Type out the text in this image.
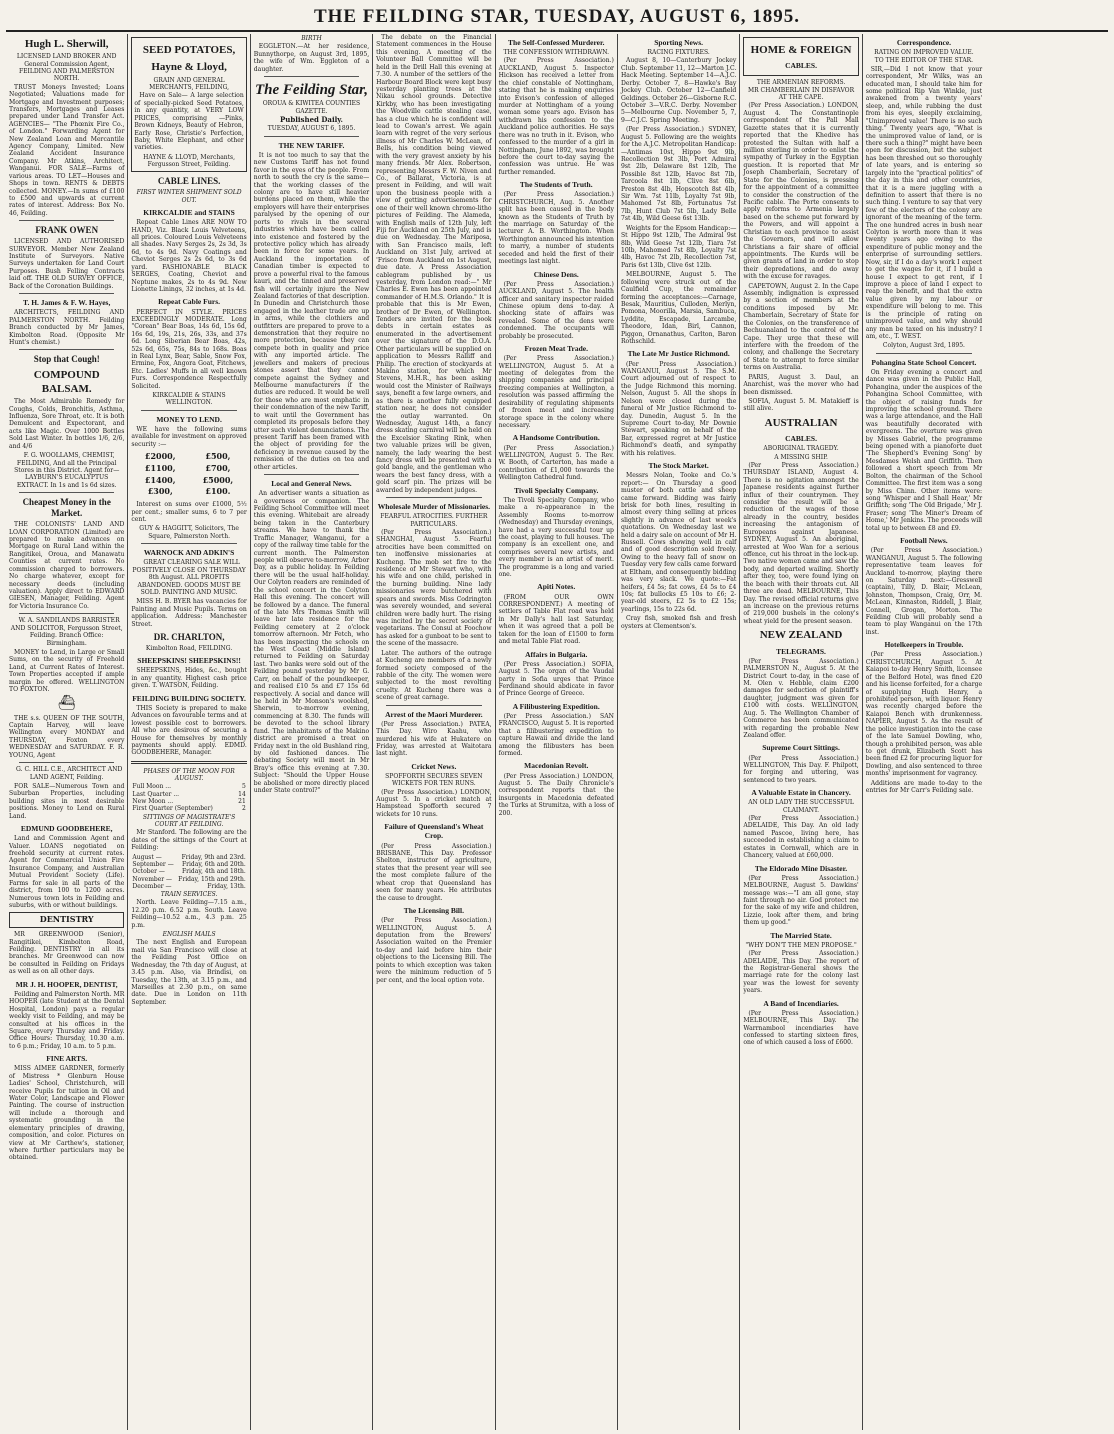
THE FEILDING STAR, TUESDAY, AUGUST 6, 1895.
Hugh L. Sherwill,
LICENSED LAND BROKER AND General Commission Agent, FEILDING AND PALMERSTON NORTH.

TRUST Moneys Invested; Loans Negotiated; Valuations made for Mortgage and Investment purposes; Transfers, Mortgages and Leases prepared under Land Transfer Act. AGENCIES— "The Phœnix Fire Co., of London." Forwarding Agent for New Zealand Loan and Mercantile Agency Company, Limited. New Zealand Accident Insurance Company. Mr Atkins, Architect, Wanganui. FOR SALE—Farms of various areas. TO LET—Houses and Shops in town. RENTS & DEBTS collected. MONEY.—In sums of £100 to £500 and upwards at current rates of interest. Address: Box No. 46, Feilding.

FRANK OWEN

LICENSED AND AUTHORISED SURVEYOR. Member New Zealand Institute of Surveyors. Native Surveys undertaken for Land Court Purposes. Bush Felling Contracts laid off. THE OLD SURVEY OFFICE, Back of the Coronation Buildings.

T. H. James & F. W. Hayes,

ARCHITECTS, FEILDING AND PALMERSTON NORTH. Feilding Branch conducted by Mr James, Kimbolton Road. (Opposite Mr Hunt's chemist.)

Stop that Cough!
COMPOUND BALSAM.

The Most Admirable Remedy for Coughs, Colds, Bronchitis, Asthma, Influenza, Sore Throat, etc. It is both Demulcent and Expectorant, and acts like Magic. Over 1000 Bottles Sold Last Winter. In bottles 1/6, 2/6, and 4/6

F. G. WOOLLAMS, CHEMIST, FEILDING, And all the Principal Stores in this District. Agent for— LAYBURN'S EUCALYPTUS EXTRACT. In 1s and 1s 6d sizes.

Cheapest Money in the Market.

THE COLONISTS' LAND AND LOAN CORPORATION (Limited) are prepared to make advances on Mortgage on Rural Land within the Rangitikei, Oroua, and Manawatu Counties at current rates. No commission charged to borrowers. No charge whatever, except for necessary deeds (including valuation). Apply direct to EDWARD GIESEN, Manager, Feilding. Agent for Victoria Insurance Co.

W. A. SANDILANDS BARRISTER AND SOLICITOR, Fergusson Street, Feilding. Branch Office: Birmingham.

MONEY to Lend, in Large or Small Sums, on the security of Freehold Land, at Current Rates of Interest. Town Properties accepted if ample margin be offered. WELLINGTON TO FOXTON.

⛴

THE s.s. QUEEN OF THE SOUTH, Captain Harvey, will leave Wellington every MONDAY and THURSDAY, Foxton every WEDNESDAY and SATURDAY. F. R. YOUNG, Agent

G. C. HILL C.E., ARCHITECT AND LAND AGENT, Feilding.

FOR SALE—Numerous Town and Suburban Properties, including building sites in most desirable positions. Money to Lend on Rural Land.

EDMUND GOODBEHERE,

Land and Commission Agent and Valuer. LOANS negotiated on freehold security at current rates. Agent for Commercial Union Fire Insurance Company, and Australian Mutual Provident Society (Life). Farms for sale in all parts of the district, from 100 to 1200 acres. Numerous town lots in Feilding and suburbs, with or without buildings.

DENTISTRY

MR GREENWOOD (Senior), Rangitikei, Kimbolton Road, Feilding. DENTISTRY in all its branches. Mr Greenwood can now be consulted in Feilding on Fridays as well as on all other days.

MR J. H. HOOPER, DENTIST,

Feilding and Palmerston North. MR HOOPER (late Student at the Dental Hospital, London) pays a regular weekly visit to Feilding, and may be consulted at his offices in the Square, every Thursday and Friday. Office Hours: Thursday, 10.30 a.m. to 6 p.m.; Friday, 10 a.m. to 5 p.m.

FINE ARTS.

MISS AIMEE GARDNER, formerly of Mistress * Glenburn House Ladies' School, Christchurch, will receive Pupils for tuition in Oil and Water Color, Landscape and Flower Painting. The course of instruction will include a thorough and systematic grounding in the elementary principles of drawing, composition, and color. Pictures on view at Mr Carthew's, stationer, where further particulars may be obtained.

SEED POTATOES,
Hayne & Lloyd,
GRAIN AND GENERAL MERCHANTS, FEILDING,

Have on Sale— A large selection of specially-picked Seed Potatoes, in any quantity, at VERY LOW PRICES, comprising —Pinks, Brown Kidneys, Beauty of Hebron, Early Rose, Christie's Perfection, Baby, White Elephant, and other varieties.

HAYNE & LLOYD, Merchants, Fergusson Street, Feilding.
CABLE LINES.
FIRST WINTER SHIPMENT SOLD OUT.
KIRKCALDIE and STAINS

Repeat Cable Lines ARE NOW TO HAND, Viz. Black Louis Velveteens, all prices. Coloured Louis Velveteens all shades. Navy Serges 2s, 2s 3d, 3s 6d, to 4s 9d. Navy Coatings and Cheviot Serges 2s 2s 6d, to 3s 6d yard. FASHIONABLE BLACK SERGES, Coating, Cheviot and Neptune makes, 2s to 4s 9d. New Lionette Linings, 32 inches, at 1s 4d.

Repeat Cable Furs.

PERFECT IN STYLE. PRICES EXCEEDINGLY MODERATE. Long "Corean" Bear Boas, 14s 6d, 15s 6d, 16s 6d, 19s, 21s, 26s, 33s, and 37s 6d. Long Siberian Bear Boas, 42s, 52s 6d, 65s, 75s, 84s to 168s. Boas in Real Lynx, Bear, Sable, Snow Fox, Ermine, Fox, Angora Goat, Fitchews, Etc. Ladies' Muffs in all well known Furs. Correspondence Respectfully Solicited.

KIRKCALDIE & STAINS WELLINGTON.
MONEY TO LEND.

WE have the following sums available for investment on approved security :—

£2000,	£500,
£1100,	£700,
£1400,	£5000,
£300,	£100.

Interest on sums over £1000, 5½ per cent.; smaller sums, 6 to 7 per cent.

GUY & HAGGITT, Solicitors, The Square, Palmerston North.
WARNOCK AND ADKIN'S

GREAT CLEARING SALE WILL POSITIVELY CLOSE ON THURSDAY 8th August. ALL PROFITS ABANDONED. GOODS MUST BE SOLD. PAINTING AND MUSIC.

MISS H. B. BYER has vacancies for Painting and Music Pupils. Terms on application. Address: Manchester Street.

DR. CHARLTON,
Kimbolton Road, FEILDING.
SHEEPSKINS! SHEEPSKINS!!

SHEEPSKINS, Hides, &c., bought in any quantity. Highest cash price given. T. WATSON, Feilding.

FEILDING BUILDING SOCIETY.

THIS Society is prepared to make Advances on favourable terms and at lowest possible cost to borrowers. All who are desirous of securing a House for themselves by monthly payments should apply. EDMD. GOODBEHERE, Manager.

PHASES OF THE MOON FOR AUGUST.
Full Moon ...	5
Last Quarter ...	14
New Moon ...	21
First Quarter (September)	2
SITTINGS OF MAGISTRATE'S COURT AT FEILDING.

Mr Stanford. The following are the dates of the sittings of the Court at Feilding:

August —	Friday, 9th and 23rd.
September —	Friday, 6th and 20th.
October —	Friday, 4th and 18th.
November —	Friday, 15th and 29th.
December —	Friday, 13th.
TRAIN SERVICES.

North. Leave Feilding—7.15 a.m., 12.20 p.m. 6.52 p.m. South. Leave Feilding—10.52 a.m., 4.3 p.m. 25 p.m.

ENGLISH MAILS

The next English and European mail via San Francisco will close at the Feilding Post Office on Wednesday, the 7th day of August, at 3.45 p.m. Also, via Brindisi, on Tuesday, the 13th, at 3.15 p.m., and Marseilles at 2.30 p.m., on same date. Due in London on 11th September.

BIRTH

EGGLETON.—At her residence, Bunnythorpe, on August 3rd, 1895, the wife of Wm. Eggleton of a daughter.

The Feilding Star,
OROUA & KIWITEA COUNTIES GAZETTE.
Published Daily.
TUESDAY, AUGUST 6, 1895.
THE NEW TARIFF.

It is not too much to say that the new Customs Tariff has not found favor in the eyes of the people. From north to south the cry is the same—that the working classes of the colony are to have still heavier burdens placed on them, while the employers will have their enterprises paralysed by the opening of our ports to rivals in the several industries which have been called into existence and fostered by the protective policy which has already been in force for some years. In Auckland the importation of Canadian timber is expected to prove a powerful rival to the famous kauri, and the tinned and preserved fish will certainly injure the New Zealand factories of that description. In Dunedin and Christchurch those engaged in the leather trade are up in arms, while the clothiers and outfitters are prepared to prove to a demonstration that they require no more protection, because they can compete both in quality and price with any imported article. The jewellers and makers of precious stones assert that they cannot compete against the Sydney and Melbourne manufacturers if the duties are reduced. It would be well for those who are most emphatic in their condemnation of the new Tariff, to wait until the Government has completed its proposals before they utter such violent denunciations. The present Tariff has been framed with the object of providing for the deficiency in revenue caused by the remission of the duties on tea and other articles.

Local and General News.

An advertiser wants a situation as a governess or companion. The Feilding School Committee will meet this evening. Whitebait are already being taken in the Canterbury streams. We have to thank the Traffic Manager, Wanganui, for a copy of the railway time table for the current month. The Palmerston people will observe to-morrow, Arbor Day, as a public holiday. In Feilding there will be the usual half-holiday. Our Colyton readers are reminded of the school concert in the Colyton Hall this evening. The concert will be followed by a dance. The funeral of the late Mrs Thomas Smith will leave her late residence for the Feilding cemetery at 2 o'clock tomorrow afternoon. Mr Fetch, who has been inspecting the schools on the West Coast (Middle Island) returned to Feilding on Saturday last. Two banks were sold out of the Feilding pound yesterday by Mr G. Carr, on behalf of the poundkeeper, and realised £10 5s and £7 15s 6d respectively. A social and dance will be held in Mr Monson's woolshed, Sherwin, to-morrow evening, commencing at 8.30. The funds will be devoted to the school library fund. The inhabitants of the Makino district are promised a treat on Friday next in the old Bushland ring, by old fashioned dances. The debating Society will meet in Mr Bray's office this evening at 7.30. Subject: "Should the Upper House be abolished or more directly placed under State control?"

The debate on the Financial Statement commences in the House this evening. A meeting of the Volunteer Ball Committee will be held in the Drill Hall this evening at 7.30. A number of the settlers of the Harbour Board Block were kept busy yesterday planting trees at the Nikau school grounds. Detective Kirkby, who has been investigating the Woodville cattle stealing case, has a clue which he is confident will lead to Cowan's arrest. We again learn with regret of the very serious illness of Mr Charles W. McLean, of Bells, his condition being viewed with the very gravest anxiety by his many friends. Mr Alex. Robertson, representing Messrs F. W. Niven and Co., of Ballarat, Victoria, is at present in Feilding, and will wait upon the business people with a view of getting advertisements for one of their well known chromo-litho pictures of Feilding. The Alameda, with English mails of 12th July, left Fiji for Auckland on 25th July, and is due on Wednesday. The Mariposa, with San Francisco mails, left Auckland on 31st July, arrived at 'Frisco from Auckland on 1st August, due date. A Press Association cablegram published by us yesterday, from London read:—" Mr Charles E. Ewen has been appointed commander of H.M.S. Orlando." It is probable that this is Mr Ewen, brother of Dr Ewen, of Wellington. Tenders are invited for the book debts in certain estates as enumerated in the advertisement over the signature of the D.O.A. Other particulars will be supplied on application to Messrs Ralliff and Philip. The erection of stockyards at Makino station, for which Mr Stevens, M.H.R., has been asking would cost the Minister of Railways says, benefit a few large owners, and as there is another fully equipped station near, he does not consider the outlay warranted. On Wednesday, August 14th, a fancy dress skating carnival will be held on the Excelsior Skating Rink, when two valuable prizes will be given, namely, the lady wearing the best fancy dress will be presented with a gold bangle, and the gentleman who wears the best fancy dress, with a gold scarf pin. The prizes will be awarded by independent judges.

Wholesale Murder of Missionaries.
FEARFUL ATROCITIES. FURTHER PARTICULARS.

(Per Press Association.) SHANGHAI, August 5. Fearful atrocities have been committed on ten inoffensive missionaries at Kucheng. The mob set fire to the residence of Mr Stewart who, with his wife and one child, perished in the burning building. Nine lady missionaries were butchered with spears and swords. Miss Codrington was severely wounded, and several children were badly hurt. The rising was incited by the secret society of vegetarians. The Consul at Foochow has asked for a gunboat to be sent to the scene of the massacre.

Later. The authors of the outrage at Kucheng are members of a newly formed society composed of the rabble of the city. The women were subjected to the most revolting cruelty. At Kucheng there was a scene of great carnage.

Arrest of the Maori Murderer.

(Per Press Association.) PATEA, This Day. Wiro Kaahu, who murdered his wife at Hukatere on Friday, was arrested at Waitotara last night.

Cricket News.
SPOFFORTH SECURES SEVEN WICKETS FOR TEN RUNS.

(Per Press Association.) LONDON, August 5. In a cricket match at Hampstead Spofforth secured 7 wickets for 10 runs.

Failure of Queensland's Wheat Crop.

(Per Press Association.) BRISBANE, This Day. Professor Shelton, instructor of agriculture, states that the present year will see the most complete failure of the wheat crop that Queensland has seen for many years. He attributes the cause to drought.

The Licensing Bill.

(Per Press Association.) WELLINGTON, August 5. A deputation from the Brewers' Association waited on the Premier to-day and laid before him their objections to the Licensing Bill. The points to which exception was taken were the minimum reduction of 5 per cent, and the local option vote.

The Self-Confessed Murderer.
THE CONFESSION WITHDRAWN.

(Per Press Association.) AUCKLAND, August 5. Inspector Hickson has received a letter from the chief constable of Nottingham, stating that he is making enquiries into Evison's confession of alleged murder at Nottingham of a young woman some years ago. Evison has withdrawn his confession to the Auckland police authorities. He says there was no truth in it. Evison, who confessed to the murder of a girl in Nottingham, June 1892, was brought before the court to-day saying the confession was untrue. He was further remanded.

The Students of Truth.

(Per Press Association.) CHRISTCHURCH, Aug. 5. Another split has been caused in the body known as the Students of Truth by the marriage on Saturday of the lecturer A. B. Worthington. When Worthington announced his intention to marry, a number of students seceded and held the first of their meetings last night.

Chinese Dens.

(Per Press Association.) AUCKLAND, August 5. The health officer and sanitary inspector raided Chinese opium dens to-day. A shocking state of affairs was revealed. Some of the dens were condemned. The occupants will probably be prosecuted.

Frozen Meat Trade.

(Per Press Association.) WELLINGTON, August 5. At a meeting of delegates from the shipping companies and principal freezing companies at Wellington, a resolution was passed affirming the desirability of regulating shipments of frozen meat and increasing storage space in the colony where necessary.

A Handsome Contribution.

(Per Press Association.) WELLINGTON, August 5. The Rev. W. Booth, of Carterton, has made a contribution of £1,000 towards the Wellington Cathedral fund.

Tivoli Specialty Company.

The Tivoli Specialty Company, who make a re-appearance in the Assembly Rooms to-morrow (Wednesday) and Thursday evenings, have had a very successful tour up the coast, playing to full houses. The company is an excellent one, and comprises several new artists, and every member is an artist of merit. The programme is a long and varied one.

Apiti Notes.

(FROM OUR OWN CORRESPONDENT.) A meeting of settlers of Table Flat road was held in Mr Dally's hall last Saturday, when it was agreed that a poll be taken for the loan of £1500 to form and metal Table Flat road.

Affairs in Bulgaria.

(Per Press Association.) SOFIA, August 5. The organ of the Vaudal party in Sofia urges that Prince Ferdinand should abdicate in favor of Prince George of Greece.

A Filibustering Expedition.

(Per Press Association.) SAN FRANCISCO, August 5. It is reported that a filibustering expedition to capture Hawaii and divide the land among the filibusters has been formed.

Macedonian Revolt.

(Per Press Association.) LONDON, August 5. The Daily Chronicle's correspondent reports that the insurgents in Macedonia defeated the Turks at Strumitza, with a loss of 200.

Sporting News.
RACING FIXTURES.

August 8, 10—Canterbury Jockey Club. September 11, 12—Marton J.C. Hack Meeting. September 14—A.J.C. Derby. October 7, 8—Hawke's Bay Jockey Club. October 12—Canfield Geldings. October 26—Gisborne R.C. October 3—V.R.C. Derby. November 5—Melbourne Cup. November 5, 7, 9—C.J.C. Spring Meeting.

(Per Press Association.) SYDNEY, August 5. Following are the weights for the A.J.C. Metropolitan Handicap:—Antimas 10st, Hippo 9st 9lb, Recollection 9st 3lb, Port Admiral 9st 2lb, Delaware 8st 12lb, The Possible 8st 12lb, Havoc 8st 7lb, Tarcoola 8st 1lb, Clive 8st 6lb, Preston 8st 4lb, Hopscotch 8st 4lb, Sir Wm. 7st 11lb, Loyalty 7st 9lb, Mahomed 7st 8lb, Fortunatus 7st 7lb, Hunt Club 7st 5lb, Lady Belle 7st 4lb, Wild Geese 6st 13lb.

Weights for the Epsom Handicap:—St Hippo 9st 12lb, The Admiral 9st 8lb, Wild Geese 7st 12lb, Tiara 7st 10lb, Mahomed 7st 8lb, Loyalty 7st 4lb, Havoc 7st 2lb, Recollection 7st, Paris 6st 13lb, Clive 6st 12lb.

MELBOURNE, August 5. The following were struck out of the Caulfield Cup, the remainder forming the acceptances:—Carnage, Besak, Mauritius, Culloden, Merlyn, Pomona, Moorilla, Marsia, Sambuca, Lyddite, Escapade, Larcambe, Theodore, Idan, Birl, Cannon, Piggon, Ornanathus, Carlton, Baron Rothschild.

The Late Mr Justice Richmond.

(Per Press Association.) WANGANUI, August 5. The S.M. Court adjourned out of respect to the Judge Richmond this morning. Nelson, August 5. All the shops in Nelson were closed during the funeral of Mr Justice Richmond to-day. Dunedin, August 5. In the Supreme Court to-day, Mr Downie Stewart, speaking on behalf of the Bar, expressed regret at Mr Justice Richmond's death, and sympathy with his relatives.

The Stock Market.

Messrs Nolan, Tooke and Co.'s report:— On Thursday a good muster of both cattle and sheep came forward. Bidding was fairly brisk for both lines, resulting in almost every thing selling at prices slightly in advance of last week's quotations. On Wednesday last we held a dairy sale on account of Mr H. Russell. Cows showing well in calf and of good description sold freely. Owing to the heavy fall of snow on Tuesday very few calls came forward at Eltham, and consequently bidding was very slack. We quote:—Fat heifers, £4 5s; fat cows, £4 5s to £4 10s; fat bullocks £5 10s to £6; 2-year-old steers, £2 5s to £2 15s; yearlings, 15s to 22s 6d.

Cray fish, smoked fish and fresh oysters at Clementson's.

HOME & FOREIGN
CABLES.
THE ARMENIAN REFORMS.
MR CHAMBERLAIN IN DISFAVOR AT THE CAPE.

(Per Press Association.) LONDON, August 4. The Constantinople correspondent of the Pall Mall Gazette states that it is currently reported that the Khedive has protested the Sultan with half a million sterling in order to enlist the sympathy of Turkey in the Egyptian question. It is reported that Mr Joseph Chamberlain, Secretary of State for the Colonies, is pressing for the appointment of a committee to consider the construction of the Pacific cable. The Porte consents to apply reforms to Armenia largely based on the scheme put forward by the Powers, and will appoint a Christian to each province to assist the Governors, and will allow Christians a fair share of official appointments. The Kurds will be given grants of land in order to stop their depredations, and do away with the excuse for ravages.

CAPETOWN, August 2. In the Cape Assembly, indignation is expressed by a section of members at the conditions imposed by Mr. Chamberlain, Secretary of State for the Colonies, on the transference of Bechuanaland to the control of the Cape. They urge that these will interfere with the freedom of the colony, and challenge the Secretary of State to attempt to force similar terms on Australia.

PARIS, August 3. Daul, an Anarchist, was the mover who had been dismissed.

SOFIA, August 5. M. Matakieff is still alive.

AUSTRALIAN
CABLES.
ABORIGINAL TRAGEDY.
A MISSING SHIP.

(Per Press Association.) THURSDAY ISLAND, August 4. There is no agitation amongst the Japanese residents against further influx of their countrymen. They consider the result will be a reduction of the wages of those already in the country, besides increasing the antagonism of Europeans against Japanese. SYDNEY, August 5. An aboriginal, arrested at Woo Wan for a serious offence, cut his throat in the lock-up. Two native women came and saw the body, and departed wailing. Shortly after they, too, were found lying on the beach with their throats cut. All three are dead. MELBOURNE, This Day. The revised official returns give an increase on the previous returns of 219,000 bushels in the colony's wheat yield for the present season.

NEW ZEALAND
TELEGRAMS.

(Per Press Association.) PALMERSTON N., August 5. At the District Court to-day, in the case of M. Olen v. Hebble, claim £200 damages for seduction of plaintiff's daughter, judgment was given for £100 with costs. WELLINGTON, Aug. 5. The Wellington Chamber of Commerce has been communicated with regarding the probable New Zealand offer.

Supreme Court Sittings.

(Per Press Association.) WELLINGTON, This Day. F. Philpott, for forging and uttering, was sentenced to two years.

A Valuable Estate in Chancery.
AN OLD LADY THE SUCCESSFUL CLAIMANT.

(Per Press Association.) ADELAIDE, This Day. An old lady named Pascoe, living here, has succeeded in establishing a claim to estates in Cornwall, which are in Chancery, valued at £60,000.

The Eldorado Mine Disaster.

(Per Press Association.) MELBOURNE, August 5. Dawkins' message was:—"I am all gone, stay faint through no air. God protect me for the sake of my wife and children, Lizzie, look after them, and bring them up good."

The Married State.
"WHY DON'T THE MEN PROPOSE."

(Per Press Association.) ADELAIDE, This Day. The report of the Registrar-General shows the marriage rate for the colony last year was the lowest for seventy years.

A Band of Incendiaries.

(Per Press Association.) MELBOURNE, This Day. The Warrnambool incendiaries have confessed to starting sixteen fires, one of which caused a loss of £600.

Correspondence.
RATING ON IMPROVED VALUE.
TO THE EDITOR OF THE STAR.

SIR,—Did I not know that your correspondent, Mr Wilks, was an educated man, I should take him for some political Rip Van Winkle, just awakened from a twenty years' sleep, and, while rubbing the dust from his eyes, sleepily exclaiming, "Unimproved value! There is no such thing." Twenty years ago, "What is the unimproved value of land, or is there such a thing?" might have been open for discussion, but the subject has been threshed out so thoroughly of late years, and is entering so largely into the "practical politics" of the day in this and other countries, that it is a mere juggling with a definition to assert that there is no such thing. I venture to say that very few of the electors of the colony are ignorant of the meaning of the term. The one hundred acres in bush near Colyton is worth more than it was twenty years ago owing to the expenditure of public money and the enterprise of surrounding settlers. Now, sir, if I do a day's work I expect to get the wages for it, if I build a house I expect to get rent, if I improve a piece of land I expect to reap the benefit, and that the extra value given by my labour or expenditure will belong to me. This is the principle of rating on unimproved value, and why should any man be taxed on his industry? I am, etc., T. WEST.

Colyton, August 3rd, 1895.
Pohangina State School Concert.

On Friday evening a concert and dance was given in the Public Hall, Pohangina, under the auspices of the Pohangina School Committee, with the object of raising funds for improving the school ground. There was a large attendance, and the Hall was beautifully decorated with evergreens. The overture was given by Misses Gabriel, the programme being opened with a pianoforte duet 'The Shepherd's Evening Song' by Mesdames Welsh and Griffith. Then followed a short speech from Mr Bolton, the chairman of the School Committee. The first item was a song by Miss Chinn. Other items were: song 'Whisper and I Shall Hear,' Mr Griffith; song 'The Old Brigade,' Mr J. Fraser; song 'The Miner's Dream of Home,' Mr Jenkins. The proceeds will total up to between £8 and £9.

Football News.

(Per Press Association.) WANGANUI, August 5. The following representative team leaves for Auckland to-morrow, playing there on Saturday next:—Gresswell (captain), Tilly, D. Blair, McLean, Johnston, Thompson, Craig, Orr, M. McLean, Kinnaston, Riddell, J. Blair, Connell, Grogan, Morton. The Feilding Club will probably send a team to play Wanganui on the 17th inst.

Hotelkeepers in Trouble.

(Per Press Association.) CHRISTCHURCH, August 5. At Kaiapoi to-day Henry Smith, licensee of the Belford Hotel, was fined £20 and his license forfeited, for a charge of supplying Hugh Henry, a prohibited person, with liquor. Henry was recently charged before the Kaiapoi Bench with drunkenness. NAPIER, August 5. As the result of the police investigation into the case of the late Samuel Dowling, who, though a prohibited person, was able to get drunk, Elizabeth Scott has been fined £2 for procuring liquor for Dowling, and also sentenced to three months' imprisonment for vagrancy.

Additions are made to-day to the entries for Mr Carr's Feilding sale.
